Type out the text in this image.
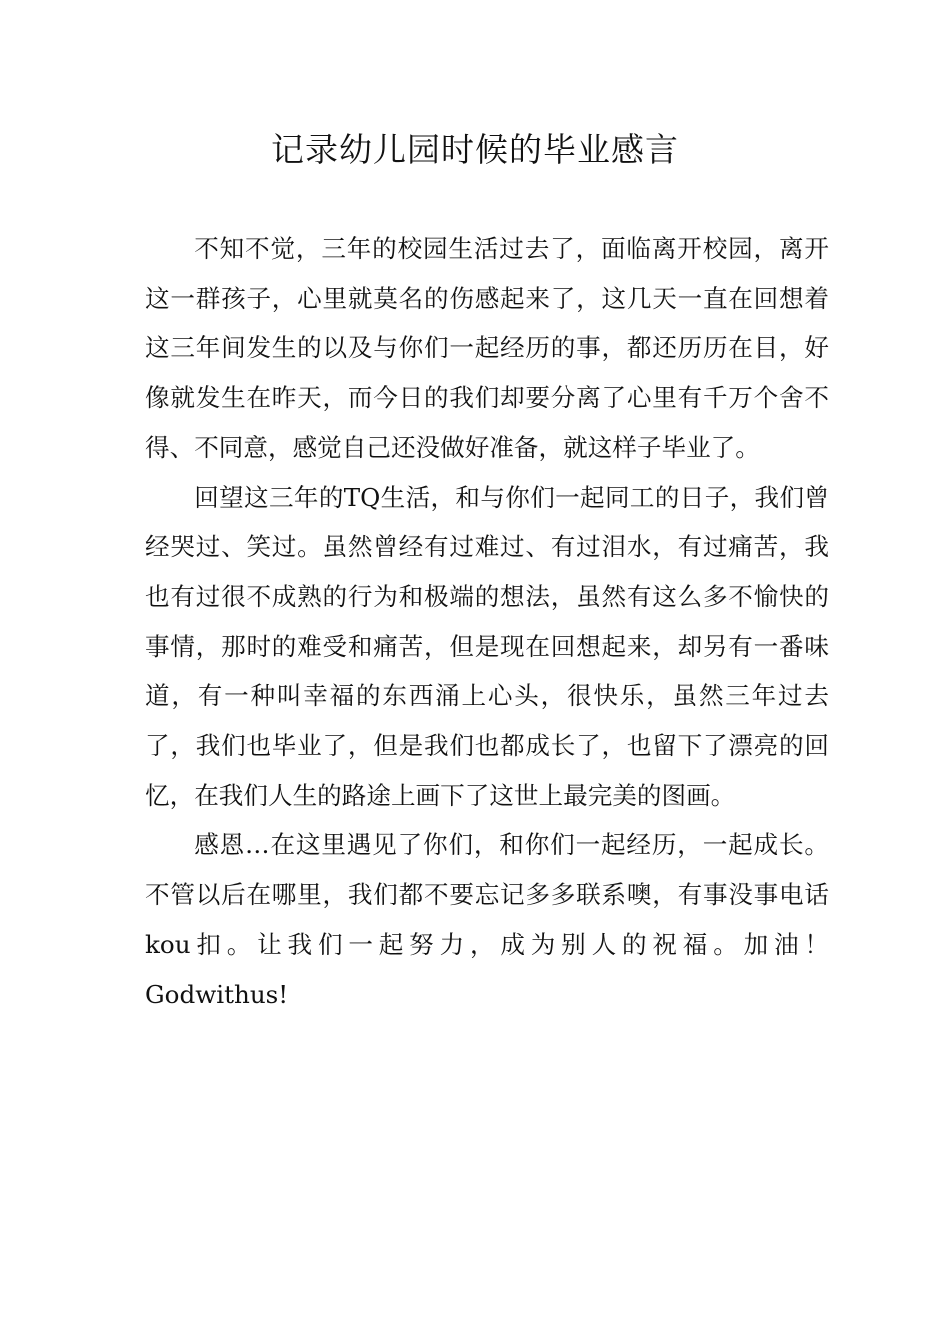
记录幼儿园时候的毕业感言

不知不觉，三年的校园生活过去了，面临离开校园，离开这一群孩子，心里就莫名的伤感起来了，这几天一直在回想着这三年间发生的以及与你们一起经历的事，都还历历在目，好像就发生在昨天，而今日的我们却要分离了心里有千万个舍不得、不同意，感觉自己还没做好准备，就这样子毕业了。

回望这三年的TQ生活，和与你们一起同工的日子，我们曾经哭过、笑过。虽然曾经有过难过、有过泪水，有过痛苦，我也有过很不成熟的行为和极端的想法，虽然有这么多不愉快的事情，那时的难受和痛苦，但是现在回想起来，却另有一番味道，有一种叫幸福的东西涌上心头，很快乐，虽然三年过去了，我们也毕业了，但是我们也都成长了，也留下了漂亮的回忆，在我们人生的路途上画下了这世上最完美的图画。

感恩…在这里遇见了你们，和你们一起经历，一起成长。不管以后在哪里，我们都不要忘记多多联系噢，有事没事电话kou扣。让我们一起努力，成为别人的祝福。加油！Godwithus!
